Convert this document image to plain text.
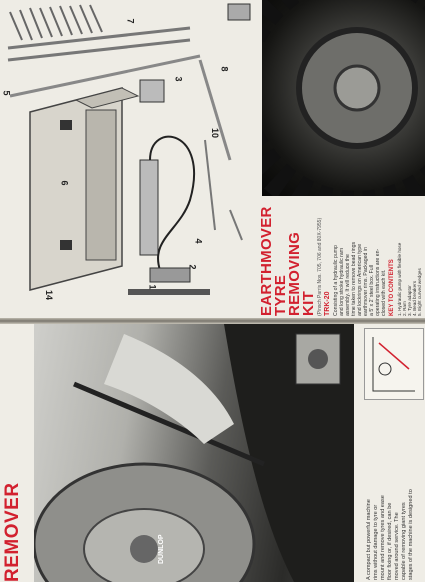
7
5
3
8
10
4
2
1
14
6
EARTHMOVER
TYRE
REMOVING
KIT (Pinsch Parris Nos. 705, 706 and 80X-7955) TRK-20 Consisting of a hydraulic pump and long stroke hydraulic ram assembly. It will reduce the time taken to remove bead rings and lockrings on American type earthmover rims. Packaged in a 5' x 2' steel box. Full operating instructions are en- closed with each kit. KEY TO CONTENTS 1. Hydraulic pump with flexible hose 2. Ram 3. Tyre adaptor 4. Bead breakers 5. Eight curved wedges
DUNLOP
REMOVER	A compact but powerful machine rims without damage to tyre or mount and remove tyres and ease floor fixing or, if desired, can be moved around service. The capable of removing giant tyres stages of the machine is designed to
